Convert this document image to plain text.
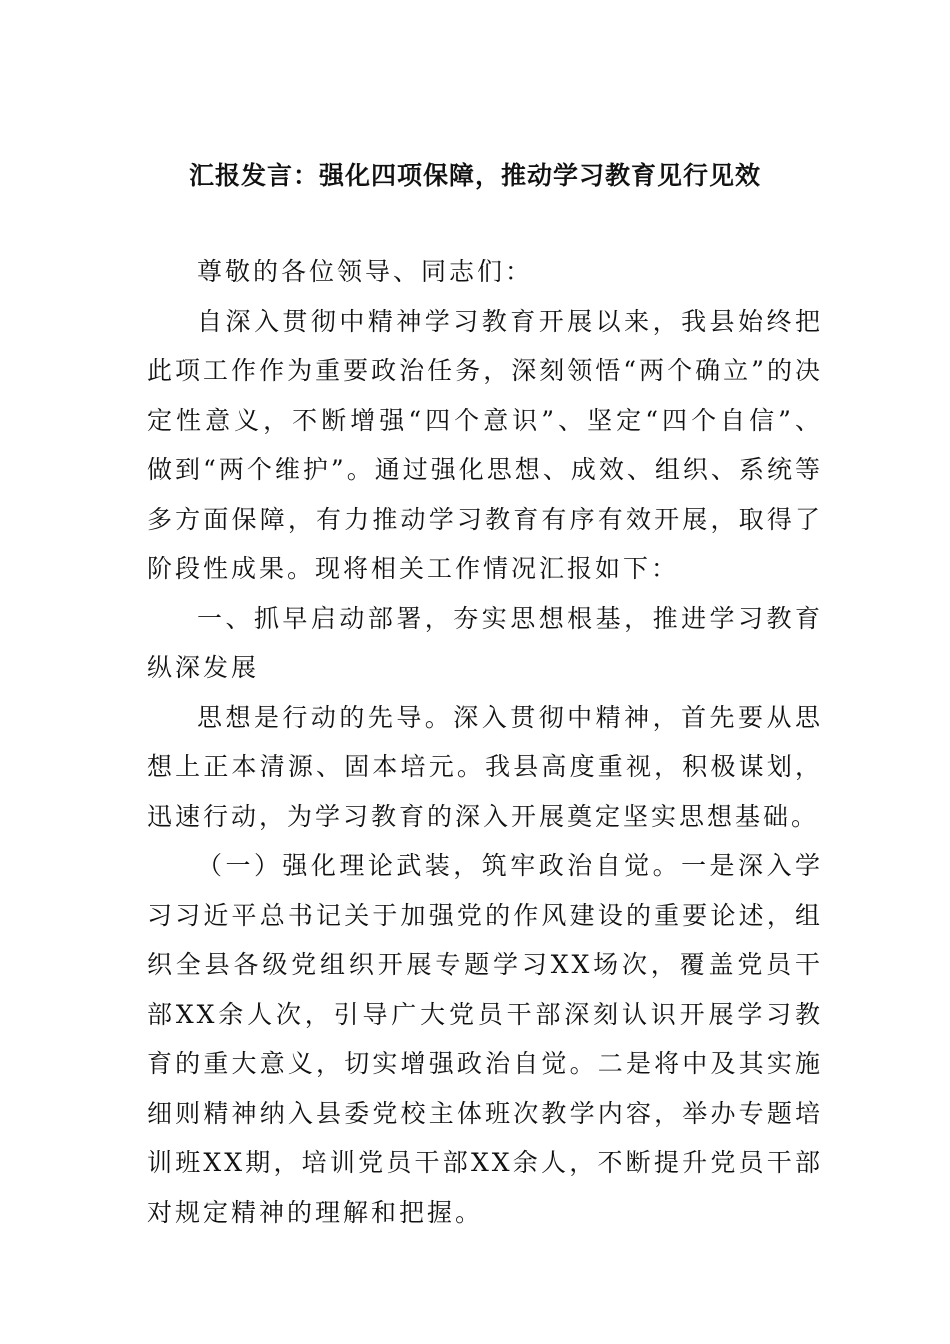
汇报发言：强化四项保障，推动学习教育见行见效

尊敬的各位领导、同志们：

自深入贯彻中精神学习教育开展以来，我县始终把此项工作作为重要政治任务，深刻领悟“两个确立”的决定性意义，不断增强“四个意识”、坚定“四个自信”、做到“两个维护”。通过强化思想、成效、组织、系统等多方面保障，有力推动学习教育有序有效开展，取得了阶段性成果。现将相关工作情况汇报如下：

一、抓早启动部署，夯实思想根基，推进学习教育纵深发展

思想是行动的先导。深入贯彻中精神，首先要从思想上正本清源、固本培元。我县高度重视，积极谋划，迅速行动，为学习教育的深入开展奠定坚实思想基础。

（一）强化理论武装，筑牢政治自觉。一是深入学习习近平总书记关于加强党的作风建设的重要论述，组织全县各级党组织开展专题学习XX场次，覆盖党员干部XX余人次，引导广大党员干部深刻认识开展学习教育的重大意义，切实增强政治自觉。二是将中及其实施细则精神纳入县委党校主体班次教学内容，举办专题培训班XX期，培训党员干部XX余人，不断提升党员干部对规定精神的理解和把握。
